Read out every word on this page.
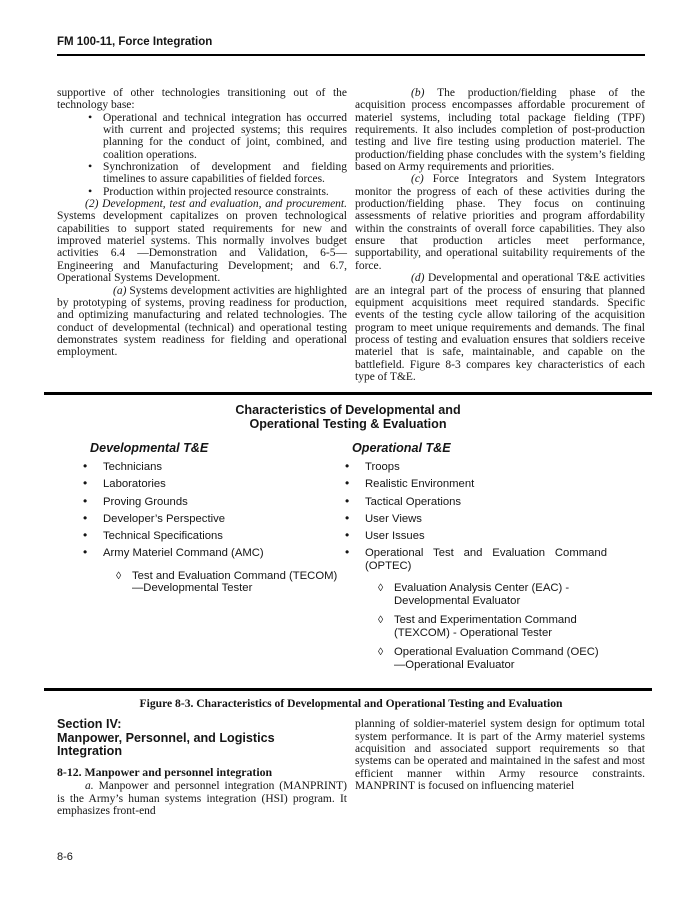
FM 100-11, Force Integration

supportive of other technologies transitioning out of the technology base:

• Operational and technical integration has occurred with current and projected systems; this requires planning for the conduct of joint, combined, and coalition operations.
• Synchronization of development and fielding timelines to assure capabilities of fielded forces.
• Production within projected resource constraints.

(2) Development, test and evaluation, and procurement. Systems development capitalizes on proven technological capabilities to support stated requirements for new and improved materiel systems. This normally involves budget activities 6.4 —Demonstration and Validation, 6-5— Engineering and Manufacturing Development; and 6.7, Operational Systems Development.

(a) Systems development activities are highlighted by prototyping of systems, proving readiness for production, and optimizing manufacturing and related technologies. The conduct of developmental (technical) and operational testing demonstrates system readiness for fielding and operational employment.

(b) The production/fielding phase of the acquisition process encompasses affordable procurement of materiel systems, including total package fielding (TPF) requirements. It also includes completion of post-production testing and live fire testing using production materiel. The production/fielding phase concludes with the system’s fielding based on Army requirements and priorities.

(c) Force Integrators and System Integrators monitor the progress of each of these activities during the production/fielding phase. They focus on continuing assessments of relative priorities and program affordability within the constraints of overall force capabilities. They also ensure that production articles meet performance, supportability, and operational suitability requirements of the force.

(d) Developmental and operational T&E activities are an integral part of the process of ensuring that planned equipment acquisitions meet required standards. Specific events of the testing cycle allow tailoring of the acquisition program to meet unique requirements and demands. The final process of testing and evaluation ensures that soldiers receive materiel that is safe, maintainable, and capable on the battlefield. Figure 8-3 compares key characteristics of each type of T&E.

Characteristics of Developmental and
Operational Testing & Evaluation
Developmental T&E
• Technicians
• Laboratories
• Proving Grounds
• Developer’s Perspective
• Technical Specifications
• Army Materiel Command (AMC)
◊ Test and Evaluation Command (TECOM)—Developmental Tester
Operational T&E
• Troops
• Realistic Environment
• Tactical Operations
• User Views
• User Issues
• Operational Test and Evaluation Command (OPTEC)
◊ Evaluation Analysis Center (EAC) - Developmental Evaluator
◊ Test and Experimentation Command (TEXCOM) - Operational Tester
◊ Operational Evaluation Command (OEC)—Operational Evaluator
Figure 8-3. Characteristics of Developmental and Operational Testing and Evaluation
Section IV:
Manpower, Personnel, and Logistics
Integration

8-12. Manpower and personnel integration

a. Manpower and personnel integration (MANPRINT) is the Army’s human systems integration (HSI) program. It emphasizes front-end

planning of soldier-materiel system design for optimum total system performance. It is part of the Army materiel systems acquisition and associated support requirements so that systems can be operated and maintained in the safest and most efficient manner within Army resource constraints. MANPRINT is focused on influencing materiel

8-6
